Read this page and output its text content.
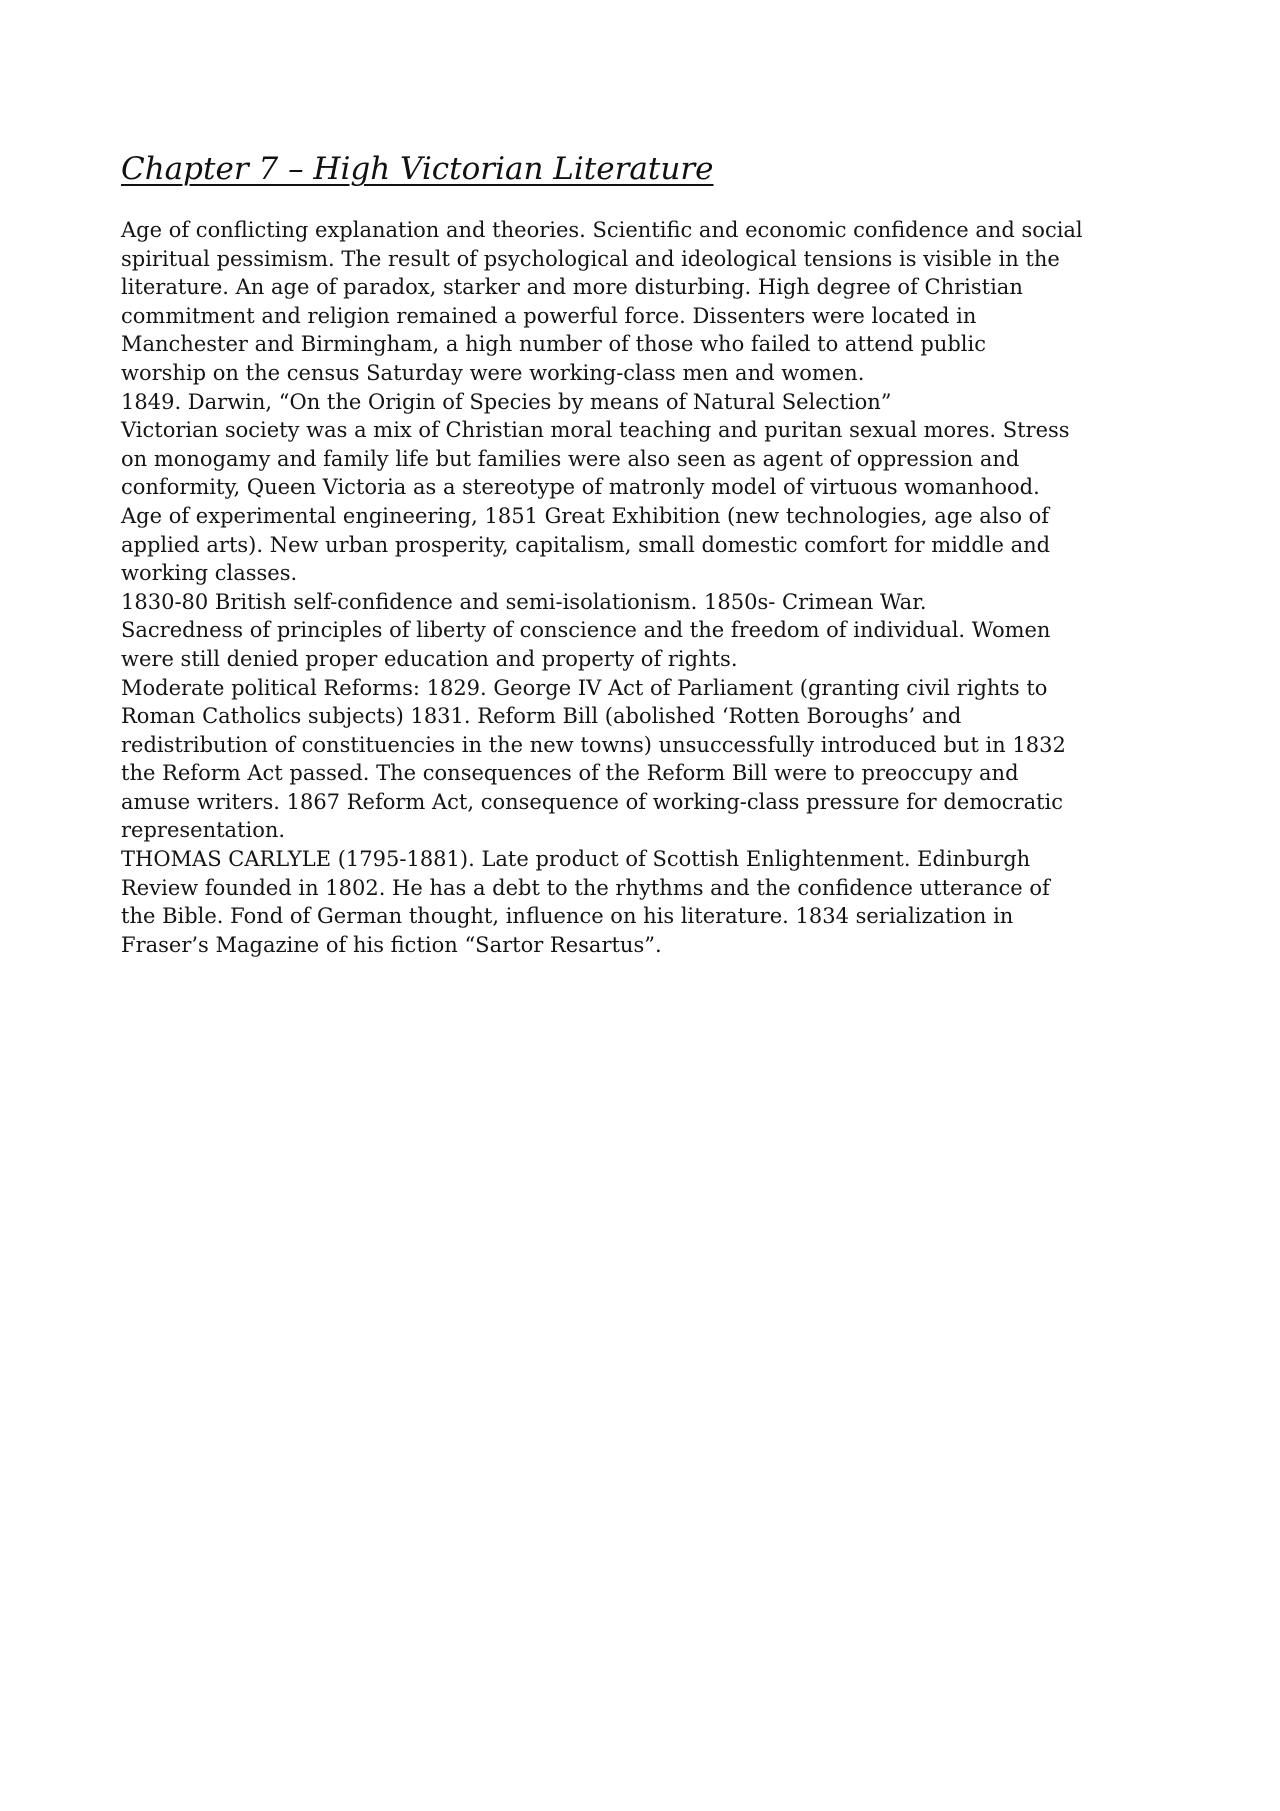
Chapter 7 – High Victorian Literature
Age of conflicting explanation and theories. Scientific and economic confidence and social
spiritual pessimism. The result of psychological and ideological tensions is visible in the
literature. An age of paradox, starker and more disturbing. High degree of Christian
commitment and religion remained a powerful force. Dissenters were located in
Manchester and Birmingham, a high number of those who failed to attend public
worship on the census Saturday were working-class men and women.
1849. Darwin, “On the Origin of Species by means of Natural Selection”
Victorian society was a mix of Christian moral teaching and puritan sexual mores. Stress
on monogamy and family life but families were also seen as agent of oppression and
conformity, Queen Victoria as a stereotype of matronly model of virtuous womanhood.
Age of experimental engineering, 1851 Great Exhibition (new technologies, age also of
applied arts). New urban prosperity, capitalism, small domestic comfort for middle and
working classes.
1830-80 British self-confidence and semi-isolationism. 1850s- Crimean War.
Sacredness of principles of liberty of conscience and the freedom of individual. Women
were still denied proper education and property of rights.
Moderate political Reforms: 1829. George IV Act of Parliament (granting civil rights to
Roman Catholics subjects) 1831. Reform Bill (abolished ‘Rotten Boroughs’ and
redistribution of constituencies in the new towns) unsuccessfully introduced but in 1832
the Reform Act passed. The consequences of the Reform Bill were to preoccupy and
amuse writers. 1867 Reform Act, consequence of working-class pressure for democratic
representation.
THOMAS CARLYLE (1795-1881). Late product of Scottish Enlightenment. Edinburgh
Review founded in 1802. He has a debt to the rhythms and the confidence utterance of
the Bible. Fond of German thought, influence on his literature. 1834 serialization in
Fraser’s Magazine of his fiction “Sartor Resartus”.
